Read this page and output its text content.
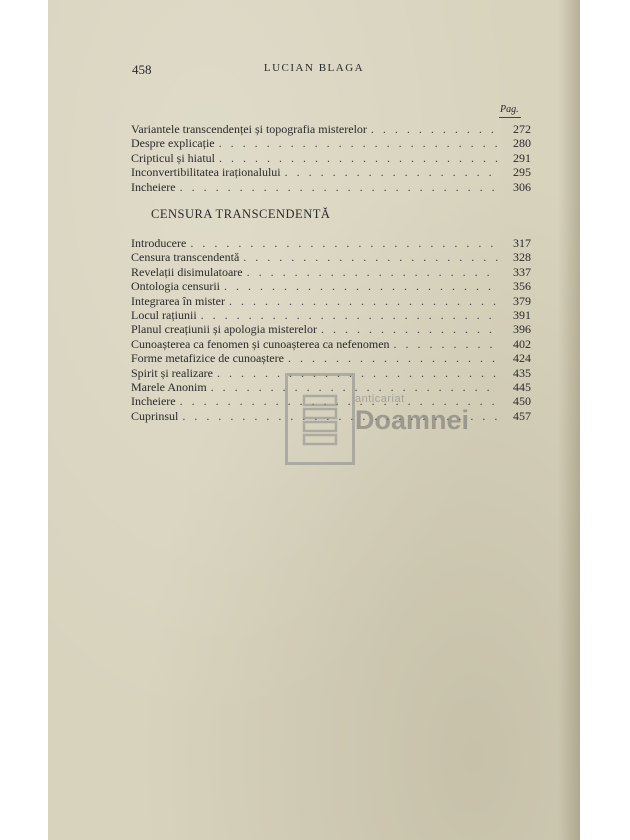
458	LUCIAN BLAGA
Pag.
Variantele transcendenței și topografia misterelor . . .	272
Despre explicație . . .	280
Cripticul și hiatul . . .	291
Inconvertibilitatea iraționalului . . .	295
Incheiere . . .	306
CENSURA TRANSCENDENTĂ
Introducere . . .	317
Censura transcendentă . . .	328
Revelații disimulatoare . . .	337
Ontologia censurii . . .	356
Integrarea în mister . . .	379
Locul rațiunii . . .	391
Planul creațiunii și apologia misterelor . . .	396
Cunoașterea ca fenomen și cunoașterea ca nefenomen . . .	402
Forme metafizice de cunoaștere . . .	424
Spirit și realizare . . .	435
Marele Anonim . . .	445
Incheiere . . .	450
Cuprinsul . . .	457
anticariat
Doamnei
